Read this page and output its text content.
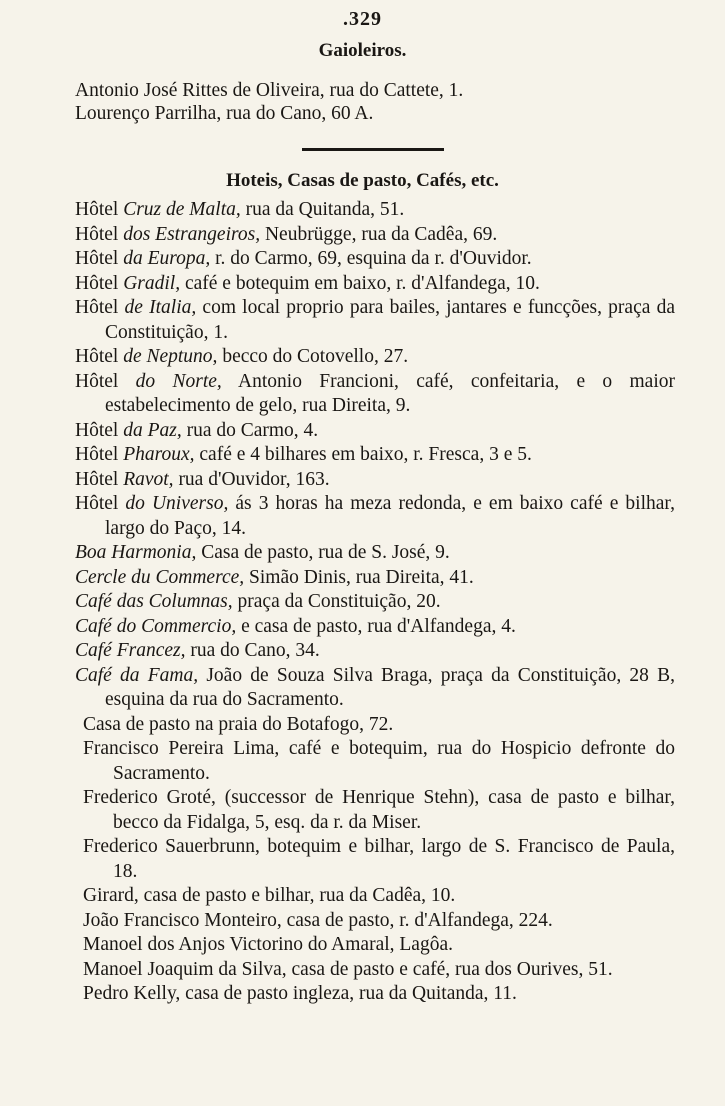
.329
Gaioleiros.
Antonio José Rittes de Oliveira, rua do Cattete, 1.
Lourenço Parrilha, rua do Cano, 60 A.
Hoteis, Casas de pasto, Cafés, etc.
Hôtel Cruz de Malta, rua da Quitanda, 51.
Hôtel dos Estrangeiros, Neubrügge, rua da Cadêa, 69.
Hôtel da Europa, r. do Carmo, 69, esquina da r. d'Ouvidor.
Hôtel Gradil, café e botequim em baixo, r. d'Alfandega, 10.
Hôtel de Italia, com local proprio para bailes, jantares e funcções, praça da Constituição, 1.
Hôtel de Neptuno, becco do Cotovello, 27.
Hôtel do Norte, Antonio Francioni, café, confeitaria, e o maior estabelecimento de gelo, rua Direita, 9.
Hôtel da Paz, rua do Carmo, 4.
Hôtel Pharoux, café e 4 bilhares em baixo, r. Fresca, 3 e 5.
Hôtel Ravot, rua d'Ouvidor, 163.
Hôtel do Universo, ás 3 horas ha meza redonda, e em baixo café e bilhar, largo do Paço, 14.
Boa Harmonia, Casa de pasto, rua de S. José, 9.
Cercle du Commerce, Simão Dinis, rua Direita, 41.
Café das Columnas, praça da Constituição, 20.
Café do Commercio, e casa de pasto, rua d'Alfandega, 4.
Café Francez, rua do Cano, 34.
Café da Fama, João de Souza Silva Braga, praça da Constituição, 28 B, esquina da rua do Sacramento.
Casa de pasto na praia do Botafogo, 72.
Francisco Pereira Lima, café e botequim, rua do Hospicio defronte do Sacramento.
Frederico Groté, (successor de Henrique Stehn), casa de pasto e bilhar, becco da Fidalga, 5, esq. da r. da Miser.
Frederico Sauerbrunn, botequim e bilhar, largo de S. Francisco de Paula, 18.
Girard, casa de pasto e bilhar, rua da Cadêa, 10.
João Francisco Monteiro, casa de pasto, r. d'Alfandega, 224.
Manoel dos Anjos Victorino do Amaral, Lagôa.
Manoel Joaquim da Silva, casa de pasto e café, rua dos Ourives, 51.
Pedro Kelly, casa de pasto ingleza, rua da Quitanda, 11.
